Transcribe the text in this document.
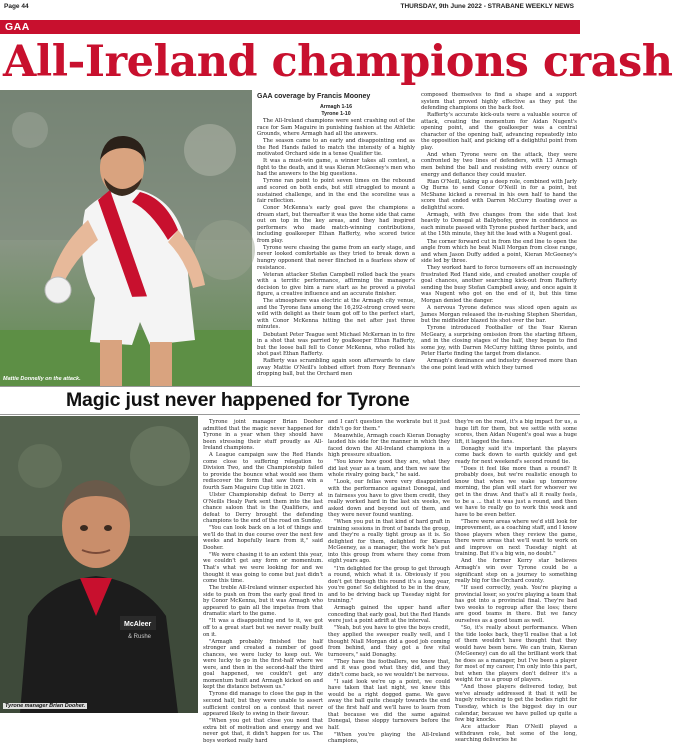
Page 44	THURSDAY, 9th June 2022 - STRABANE WEEKLY NEWS
GAA
All-Ireland champions crash
Mattie Donnelly on the attack.

GAA coverage by Francis Mooney

Armagh 1-16

Tyrone 1-10

The All-Ireland champions were sent crashing out of the race for Sam Maguire in punishing fashion at the Athletic Grounds, where Armagh had all the answers.

The season came to an early and disappointing end as the Red Hands failed to match the intensity of a highly motivated Orchard side in a tense Qualifier tie.

It was a must-win game, a winner takes all contest, a fight to the death, and it was Kieran McGeeney's men who had the answers to the big questions.

Tyrone ran point to point seven times on the rebound and scored on both ends, but still struggled to mount a sustained challenge, and in the end the scoreline was a fair reflection.

Conor McKenna's early goal gave the champions a dream start, but thereafter it was the home side that came out on top in the key areas, and they had inspired performers who made match-winning contributions, including goalkeeper Ethan Rafferty, who scored twice from play.

Tyrone were chasing the game from an early stage, and never looked comfortable as they tried to break down a hungry opponent that never flinched in a fearless show of resistance.

Veteran attacker Stefan Campbell rolled back the years with a terrific performance, affirming the manager's decision to give him a rare start as he proved a pivotal figure, a creative influence and an accurate finisher.

The atmosphere was electric at the Armagh city venue, and the Tyrone fans among the 16,292-strong crowd were wild with delight as their team got off to the perfect start, with Conor McKenna hitting the net after just three minutes.

Debutant Peter Teague sent Michael McKernan in to fire in a shot that was parried by goalkeeper Ethan Rafferty, but the loose ball fell to Conor McKenna, who rolled his shot past Ethan Rafferty.

Rafferty was scrambling again soon afterwards to claw away Mattie O'Neill's lobbed effort from Rory Brennan's dropping ball, but the Orchard men

composed themselves to find a shape and a support system that proved highly effective as they put the defending champions on the back foot.

Rafferty's accurate kick-outs were a valuable source of attack, creating the momentum for Aidan Nugent's opening point, and the goalkeeper was a central character of the opening half, advancing repeatedly into the opposition half, and picking off a delightful point from play.

And when Tyrone were on the attack, they were confronted by two lines of defenders, with 13 Armagh men behind the ball and resisting with every ounce of energy and defiance they could muster.

Rian O'Neill, taking up a deep role, combined with Jarly Og Burns to send Conor O'Neill in for a point, but McShane kicked a reversal in his own half to hand the score that ended with Darren McCurry floating over a delightful score.

Armagh, with five changes from the side that lost heavily to Donegal at Ballybofey, grew in confidence as each minute passed with Tyrone pushed further back, and at the 15th minute, they hit the lead with a Nugent goal.

The corner forward cut in from the end line to open the angle from which he beat Niall Morgan from close range, and when Jason Duffy added a point, Kieran McGeeney's side led by three.

They worked hard to force turnovers off an increasingly frustrated Red Hand side, and created another couple of goal chances, another searching kick-out from Rafferty sending the busy Stefan Campbell away, and once again it was Nugent who got on the end of it, but this time Morgan denied the danger.

A nervous Tyrone defence was sliced open again as James Morgan released the in-rushing Stephen Sheridan, but the midfielder blazed his shot over the bar.

Tyrone introduced Footballer of the Year Kieran McGeary, a surprising omission from the starting fifteen, and in the closing stages of the half, they began to find some joy, with Darren McCurry hitting three points, and Peter Harte finding the target from distance.

Armagh's dominance and industry deserved more than the one point lead with which they turned

Magic just never happened for Tyrone
McAleer
& Rushe
Tyrone manager Brian Dooher.

Tyrone joint manager Brian Dooher admitted that the magic never happened for Tyrone in a year when they should have been stressing their stuff proudly as All-Ireland champions.

A League campaign saw the Red Hands come close to suffering relegation to Division Two, and the Championship failed to provide the bounce what would see them rediscover the form that saw them win a fourth Sam Maguire Cup title in 2021.

Ulster Championship defeat to Derry at O'Neills Healy Park sent them into the last chance saloon that is the Qualifiers, and defeat to Derry brought the defending champions to the end of the road on Sunday.

"You can look back on a lot of things and we'll do that in due course over the next few weeks and hopefully learn from it," said Dooher.

"We were chasing it to an extent this year, we couldn't get any form or momentum. That's what we were looking for and we thought it was going to come but just didn't come this time.

The treble All-Ireland winner expected his side to push on from the early goal fired in by Conor McKenna, but it was Armagh who appeared to gain all the impetus from that dramatic start to the game.

"It was a disappointing end to it, we got off to a great start but we never really built on it.

"Armagh probably finished the half stronger and created a number of good chances, we were lucky to keep out. We were lucky to go in the first-half where we were, and then in the second-half the third goal happened, we couldn't get any momentum built and Armagh kicked on and kept the distance between us."

Tyrone did manage to close the gap in the second half, but they were unable to assert sufficient control on a contest that never appeared likely to swing in their favour.

"When you get that close you need that extra bit of motivation and energy and we never got that, it didn't happen for us. The boys worked really hard

and I can't question the workrate but it just didn't go for them."

Meanwhile, Armagh coach Kieran Donaghy lauded his side for the manner in which they faced down the All-Ireland champions in a high pressure situation.

"You know how good they are, what they did last year as a team, and then we saw the whole rivalry going back," he said.

"Look, our fellas were very disappointed with the performance against Donegal, and in fairness you have to give them credit, they really worked hard in the last six weeks, we asked down and beyond out of them, and they were never found wanting.

"When you put in that kind of hard graft in training sessions in front of bands the group, and they're a really tight group as it is. So delighted for them, delighted for Kieran McGeeney, as a manager, the work he's put into this group from where they come from eight years ago.

"I'm delighted for the group to get through a round, which what it is. Obviously if you don't get through this round it's a long year, you're gone! So delighted to be in the draw, and to be driving back up Tuesday night for training."

Armagh gained the upper hand after conceding that early goal, but the Red Hands were just a point adrift at the interval.

"Yeah, but you have to give the boys credit, they applied the sweeper really well, and I thought Niall Morgan did a good job coming from behind, and they got a few vital turnovers," said Donaghy.

"They have the footballers, we knew that, and it was good what they did, and they didn't come back, so we wouldn't be nervous.

"I said look we're up a point, we could have taken that last night, we knew this would be a right dogged game. We gave away the ball quite cheaply towards the end of the first half and we'll have to learn from that because we did the same against Donegal, these sloppy turnovers before the half.

"When you're playing the All-Ireland champions,

they're on the road, it's a big impact for us, a huge lift for them, but we settle with some scores, then Aidan Nugent's goal was a huge lift, it lagged the fans.

Donaghy said it's important the players come back down to earth quickly and get ready for next weekend's second round tie.

"Does it feel like more than a round? It probably does, but we're realistic enough to know that when we wake up tomorrow morning, the plan will start for whoever we get in the draw. And that's all it really feels, to be a ... that it was just a round, and then we have to really go to work this week and have to be even better.

"There were areas where we'd still look for improvement, as a coaching staff, and I know those players when they review the game, there were areas that we'll want to work on and improve on next Tuesday night at training. But it's a big win, no doubt."

And the former Kerry star believes Armagh's win over Tyrone could be a significant step on a journey to something really big for the Orchard county.

"If used correctly, yeah. You're playing a provincial loser, so you're playing a team that has got into a provincial final. They're bad two weeks to regroup after the loss; there are good teams in there. But we fancy ourselves as a good team as well.

"So, it's really about performance. When the tide looks back, they'll realise that a lot of them wouldn't have thought that they would have been here. We can train, Kieran (McGeeney) can do all the brilliant work that he does as a manager, but I've been a player for most of my career, I'm only into this part, but when the players don't deliver it's a weight for us a group of players.

"And those players delivered today, but we've already addressed it that it will be hugely refocussing to get the bodies right for Tuesday, which is the biggest day in our calendar, because we have pulled up quite a few big knocks.

Ace attacker Rian O'Neill played a withdrawn role, but some of the long, searching deliveries he
